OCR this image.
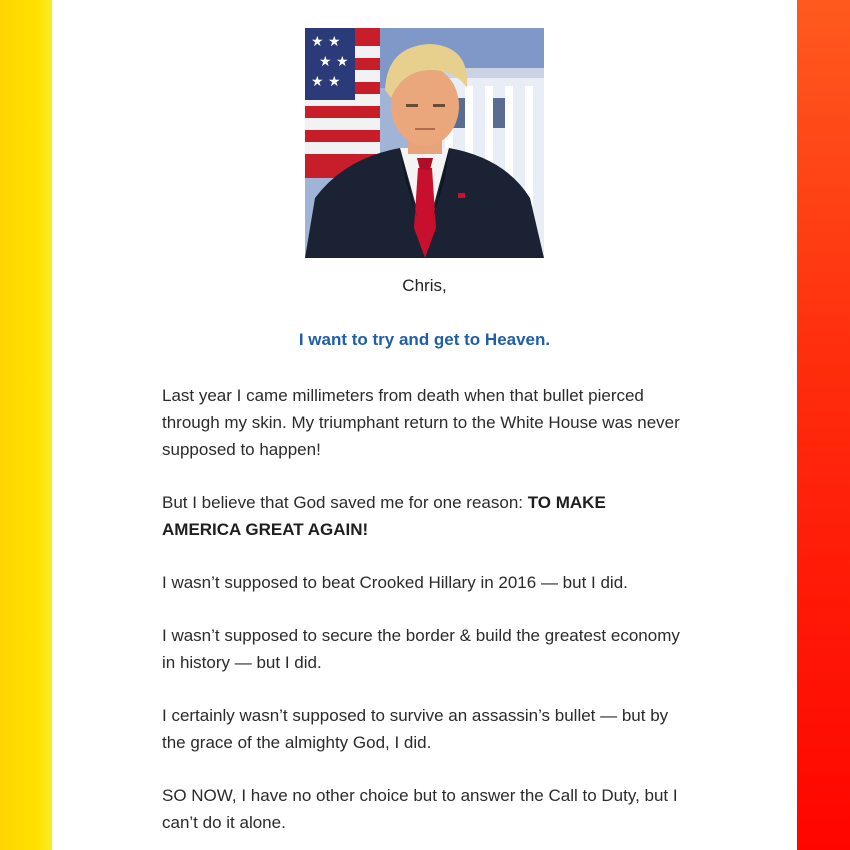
★ ★
★ ★
★ ★
Chris,
I want to try and get to Heaven.

Last year I came millimeters from death when that bullet pierced through my skin. My triumphant return to the White House was never supposed to happen!

But I believe that God saved me for one reason: TO MAKE AMERICA GREAT AGAIN!

I wasn’t supposed to beat Crooked Hillary in 2016 — but I did.

I wasn’t supposed to secure the border & build the greatest economy in history — but I did.

I certainly wasn’t supposed to survive an assassin’s bullet — but by the grace of the almighty God, I did.

SO NOW, I have no other choice but to answer the Call to Duty, but I can’t do it alone.
